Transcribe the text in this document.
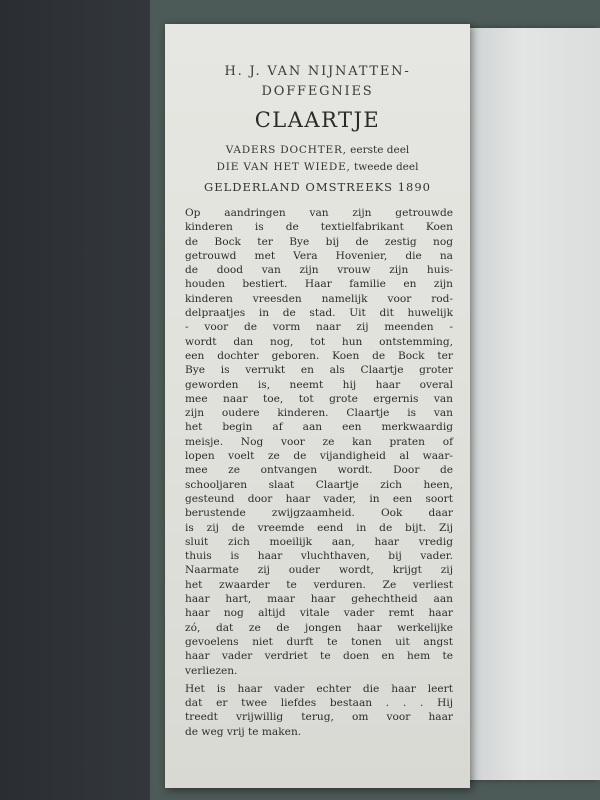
H. J. VAN NIJNATTEN-
DOFFEGNIES
CLAARTJE
VADERS DOCHTER, eerste deel
DIE VAN HET WIEDE, tweede deel
GELDERLAND OMSTREEKS 1890
Op aandringen van zijn getrouwde
kinderen is de textielfabrikant Koen
de Bock ter Bye bij de zestig nog
getrouwd met Vera Hovenier, die na
de dood van zijn vrouw zijn huis-
houden bestiert. Haar familie en zijn
kinderen vreesden namelijk voor rod-
delpraatjes in de stad. Uit dit huwelijk
- voor de vorm naar zij meenden -
wordt dan nog, tot hun ontstemming,
een dochter geboren. Koen de Bock ter
Bye is verrukt en als Claartje groter
geworden is, neemt hij haar overal
mee naar toe, tot grote ergernis van
zijn oudere kinderen. Claartje is van
het begin af aan een merkwaardig
meisje. Nog voor ze kan praten of
lopen voelt ze de vijandigheid al waar-
mee ze ontvangen wordt. Door de
schooljaren slaat Claartje zich heen,
gesteund door haar vader, in een soort
berustende zwijgzaamheid. Ook daar
is zij de vreemde eend in de bijt. Zij
sluit zich moeilijk aan, haar vredig
thuis is haar vluchthaven, bij vader.
Naarmate zij ouder wordt, krijgt zij
het zwaarder te verduren. Ze verliest
haar hart, maar haar gehechtheid aan
haar nog altijd vitale vader remt haar
zó, dat ze de jongen haar werkelijke
gevoelens niet durft te tonen uit angst
haar vader verdriet te doen en hem te
verliezen.
Het is haar vader echter die haar leert
dat er twee liefdes bestaan . . . Hij
treedt vrijwillig terug, om voor haar
de weg vrij te maken.
